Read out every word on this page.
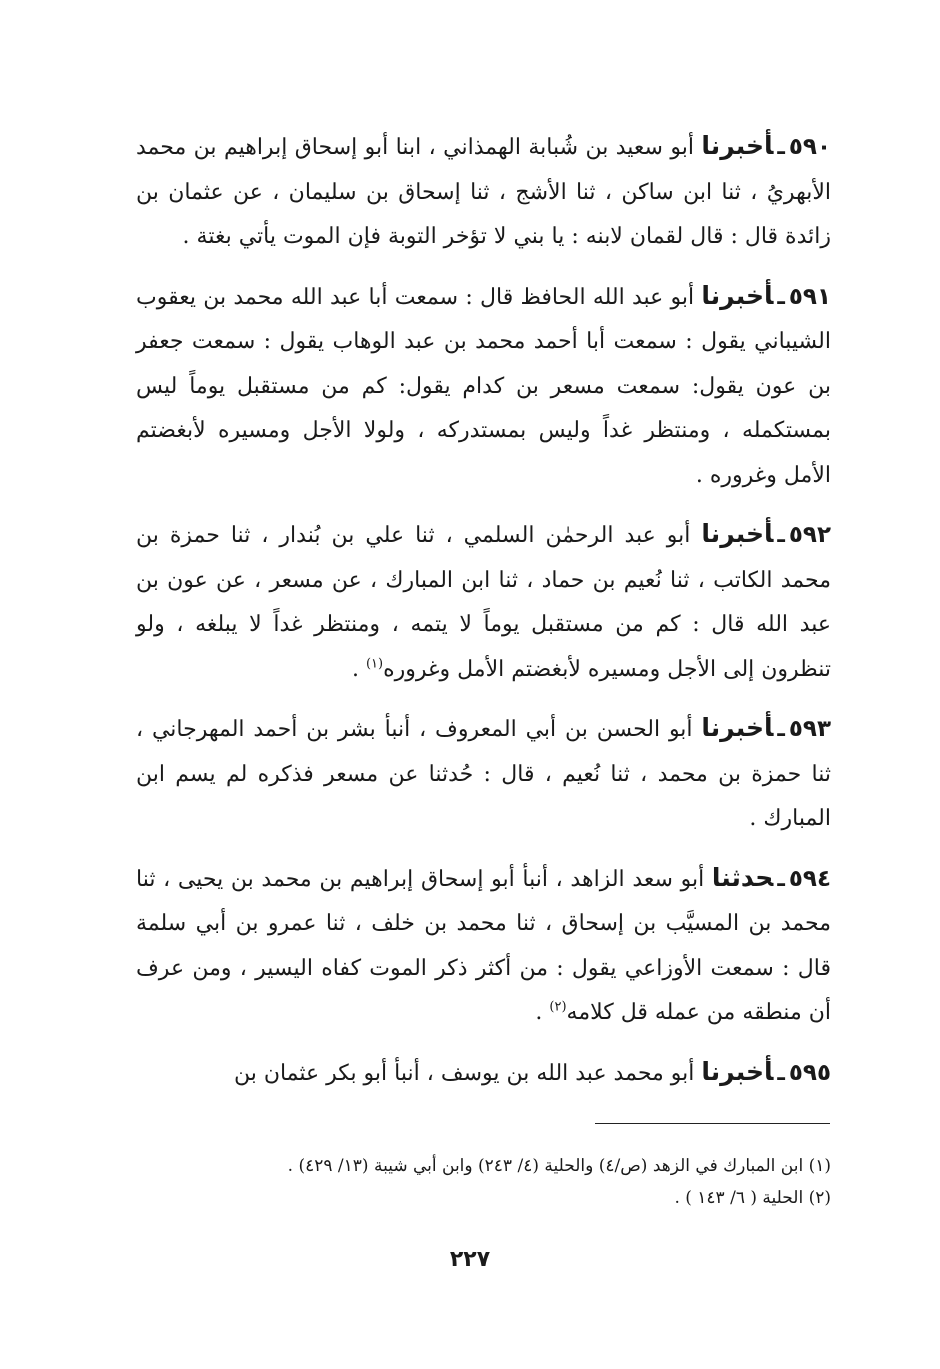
٥٩٠ـأخبرنا أبو سعيد بن شُبابة الهمذاني ، ابنا أبو إسحاق إبراهيم بن محمد الأبهريُ ، ثنا ابن ساكن ، ثنا الأشج ، ثنا إسحاق بن سليمان ، عن عثمان بن زائدة قال : قال لقمان لابنه : يا بني لا تؤخر التوبة فإن الموت يأتي بغتة .

٥٩١ـأخبرنا أبو عبد الله الحافظ قال : سمعت أبا عبد الله محمد بن يعقوب الشيباني يقول : سمعت أبا أحمد محمد بن عبد الوهاب يقول : سمعت جعفر بن عون يقول: سمعت مسعر بن كدام يقول: كم من مستقبل يوماً ليس بمستكمله ، ومنتظر غداً وليس بمستدركه ، ولولا الأجل ومسيره لأبغضتم الأمل وغروره .

٥٩٢ـأخبرنا أبو عبد الرحمٰن السلمي ، ثنا علي بن بُندار ، ثنا حمزة بن محمد الكاتب ، ثنا نُعيم بن حماد ، ثنا ابن المبارك ، عن مسعر ، عن عون بن عبد الله قال : كم من مستقبل يوماً لا يتمه ، ومنتظر غداً لا يبلغه ، ولو تنظرون إلى الأجل ومسيره لأبغضتم الأمل وغروره$^{(١)}$ .

٥٩٣ـأخبرنا أبو الحسن بن أبي المعروف ، أنبأ بشر بن أحمد المهرجاني ، ثنا حمزة بن محمد ، ثنا نُعيم ، قال : حُدثنا عن مسعر فذكره لم يسم ابن المبارك .

٥٩٤ـحدثنا أبو سعد الزاهد ، أنبأ أبو إسحاق إبراهيم بن محمد بن يحيى ، ثنا محمد بن المسيَّب بن إسحاق ، ثنا محمد بن خلف ، ثنا عمرو بن أبي سلمة قال : سمعت الأوزاعي يقول : من أكثر ذكر الموت كفاه اليسير ، ومن عرف أن منطقه من عمله قل كلامه$^{(٢)}$ .

٥٩٥ـأخبرنا أبو محمد عبد الله بن يوسف ، أنبأ أبو بكر عثمان بن

(١) ابن المبارك في الزهد (ص/٤) والحلية (٤/ ٢٤٣) وابن أبي شيبة (١٣/ ٤٢٩) .

(٢) الحلية ( ٦/ ١٤٣ ) .

٢٢٧
